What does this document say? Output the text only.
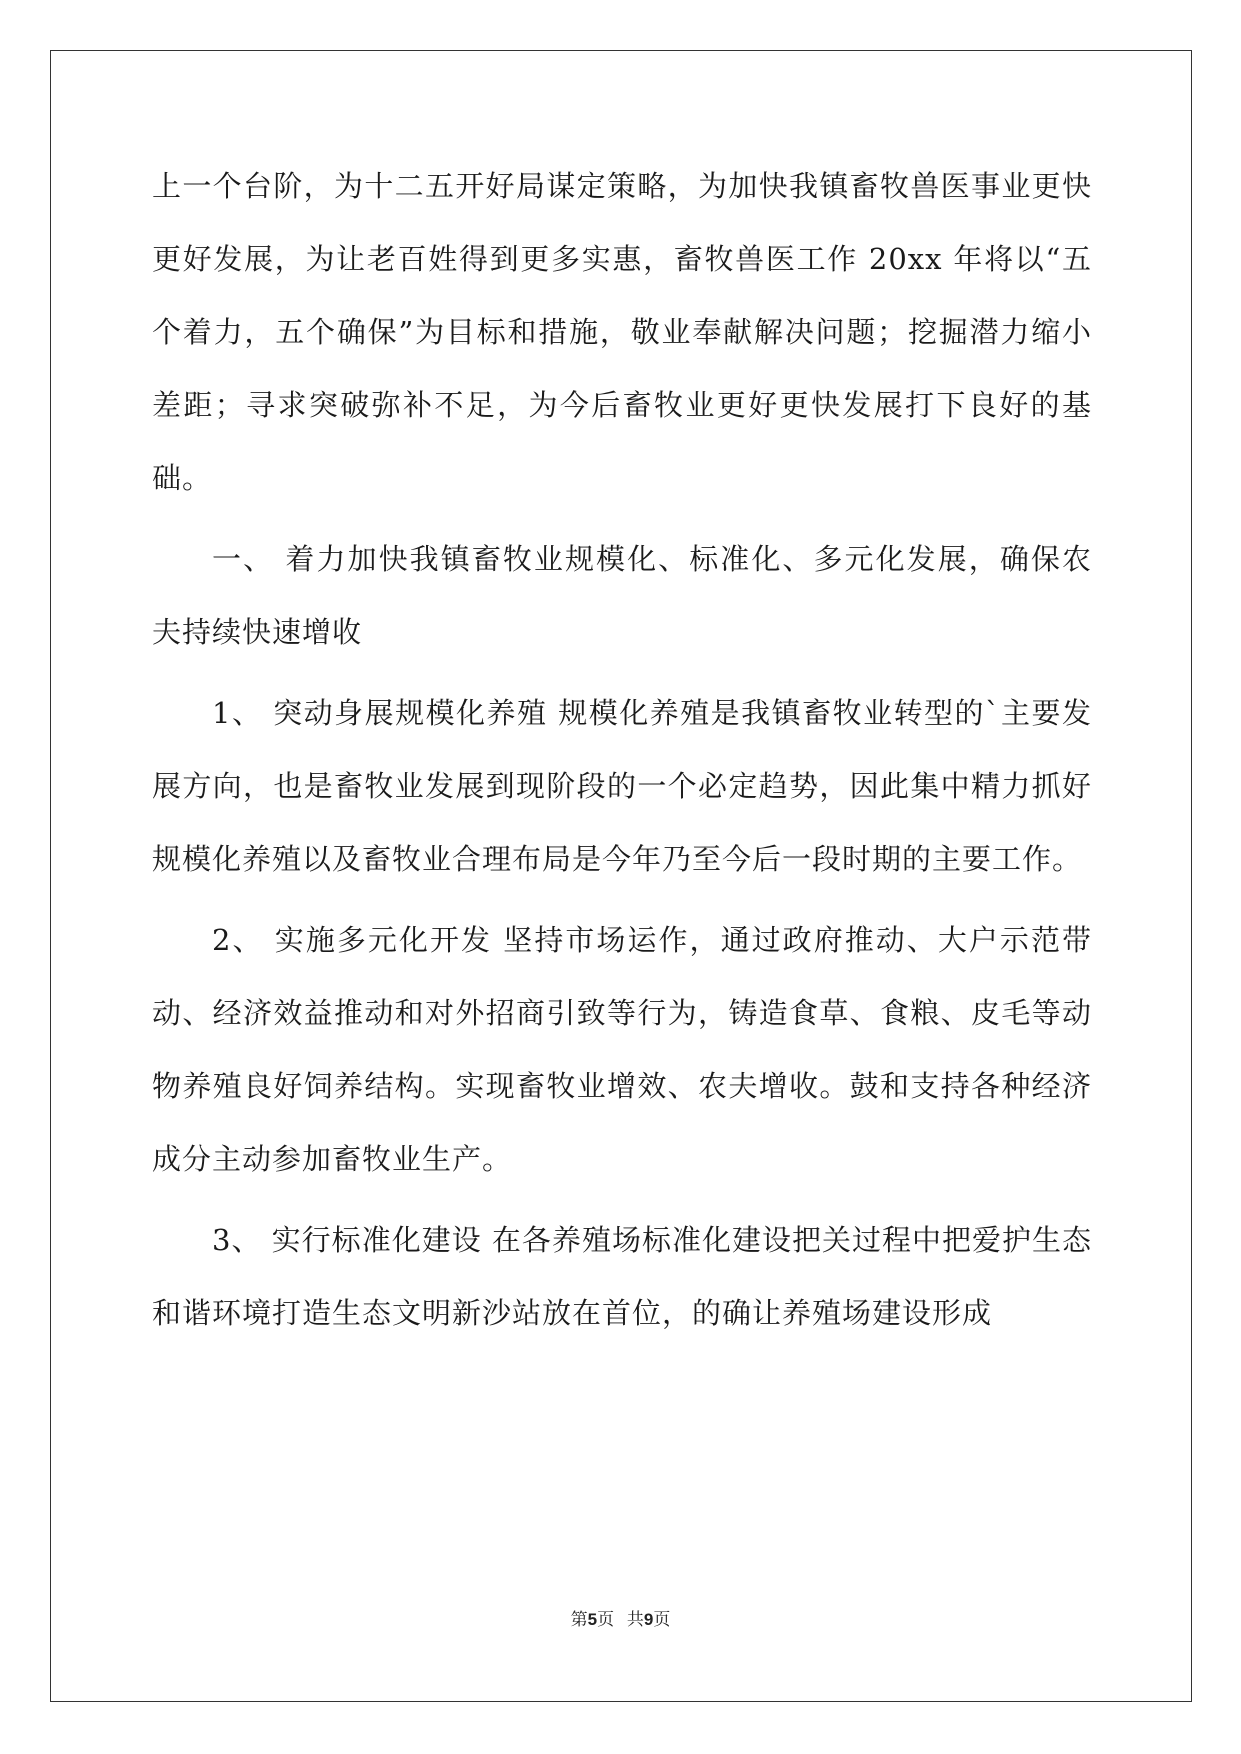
上一个台阶，为十二五开好局谋定策略，为加快我镇畜牧兽医事业更快更好发展，为让老百姓得到更多实惠，畜牧兽医工作 20xx 年将以“五个着力，五个确保”为目标和措施，敬业奉献解决问题；挖掘潜力缩小差距；寻求突破弥补不足，为今后畜牧业更好更快发展打下良好的基础。

一、 着力加快我镇畜牧业规模化、标准化、多元化发展，确保农夫持续快速增收

1、 突动身展规模化养殖 规模化养殖是我镇畜牧业转型的`主要发展方向，也是畜牧业发展到现阶段的一个必定趋势，因此集中精力抓好规模化养殖以及畜牧业合理布局是今年乃至今后一段时期的主要工作。

2、 实施多元化开发 坚持市场运作，通过政府推动、大户示范带动、经济效益推动和对外招商引致等行为，铸造食草、食粮、皮毛等动物养殖良好饲养结构。实现畜牧业增效、农夫增收。鼓和支持各种经济成分主动参加畜牧业生产。

3、 实行标准化建设 在各养殖场标准化建设把关过程中把爱护生态和谐环境打造生态文明新沙站放在首位，的确让养殖场建设形成

第5页 共9页
